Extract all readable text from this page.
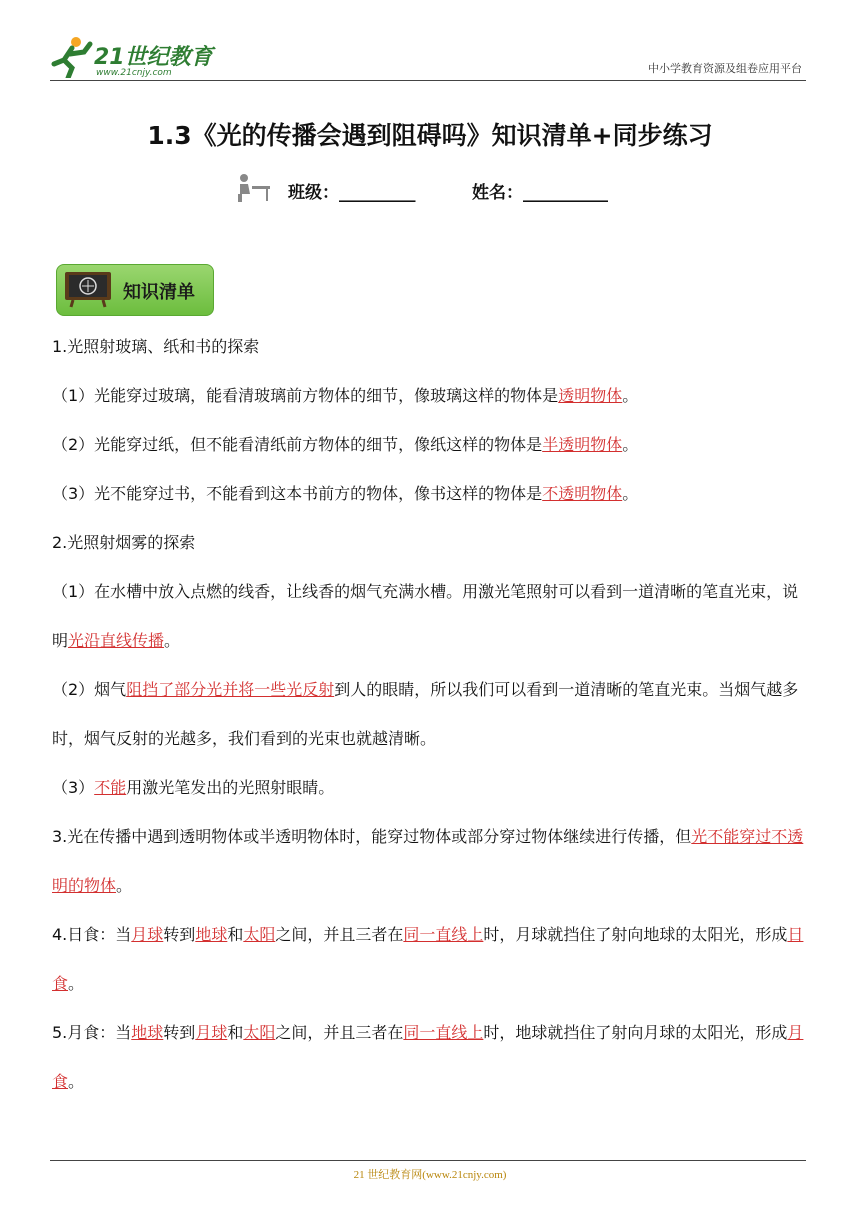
21世纪教育
www.21cnjy.com	中小学教育资源及组卷应用平台
1.3《光的传播会遇到阻碍吗》知识清单+同步练习
班级：_________	姓名：__________
知识清单

1.光照射玻璃、纸和书的探索

（1）光能穿过玻璃，能看清玻璃前方物体的细节，像玻璃这样的物体是透明物体。

（2）光能穿过纸，但不能看清纸前方物体的细节，像纸这样的物体是半透明物体。

（3）光不能穿过书，不能看到这本书前方的物体，像书这样的物体是不透明物体。

2.光照射烟雾的探索

（1）在水槽中放入点燃的线香，让线香的烟气充满水槽。用激光笔照射可以看到一道清晰的笔直光束，说明光沿直线传播。

（2）烟气阻挡了部分光并将一些光反射到人的眼睛，所以我们可以看到一道清晰的笔直光束。当烟气越多时，烟气反射的光越多，我们看到的光束也就越清晰。

（3）不能用激光笔发出的光照射眼睛。

3.光在传播中遇到透明物体或半透明物体时，能穿过物体或部分穿过物体继续进行传播，但光不能穿过不透明的物体。

4.日食：当月球转到地球和太阳之间，并且三者在同一直线上时，月球就挡住了射向地球的太阳光，形成日食。

5.月食：当地球转到月球和太阳之间，并且三者在同一直线上时，地球就挡住了射向月球的太阳光，形成月食。

21 世纪教育网(www.21cnjy.com)
